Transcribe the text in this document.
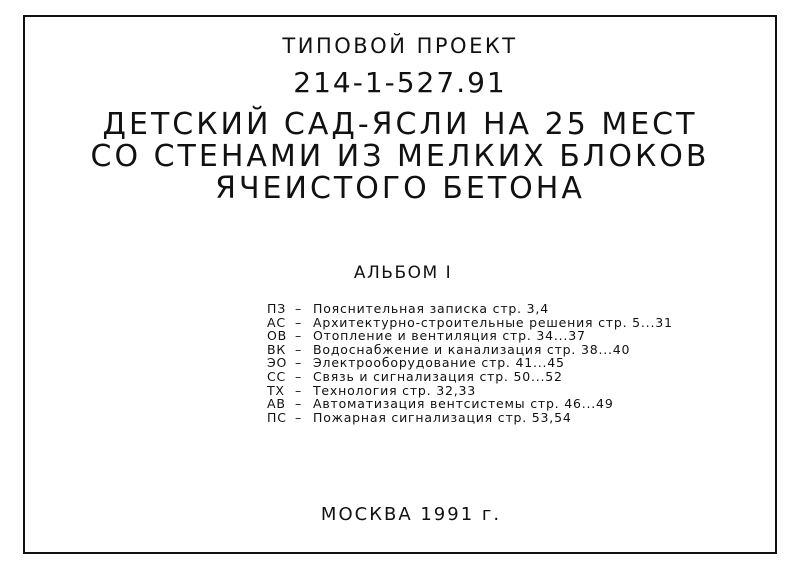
ТИПОВОЙ ПРОЕКТ
214-1-527.91
ДЕТСКИЙ САД-ЯСЛИ НА 25 МЕСТ
СО СТЕНАМИ ИЗ МЕЛКИХ БЛОКОВ
ЯЧЕИСТОГО БЕТОНА
АЛЬБОМ I
ПЗ – Пояснительная записка стр. 3,4
АС – Архитектурно-строительные решения стр. 5...31
ОВ – Отопление и вентиляция стр. 34...37
ВК – Водоснабжение и канализация стр. 38...40
ЭО – Электрооборудование стр. 41...45
СС – Связь и сигнализация стр. 50...52
ТХ – Технология стр. 32,33
АВ – Автоматизация вентсистемы стр. 46...49
ПС – Пожарная сигнализация стр. 53,54
МОСКВА 1991 г.
